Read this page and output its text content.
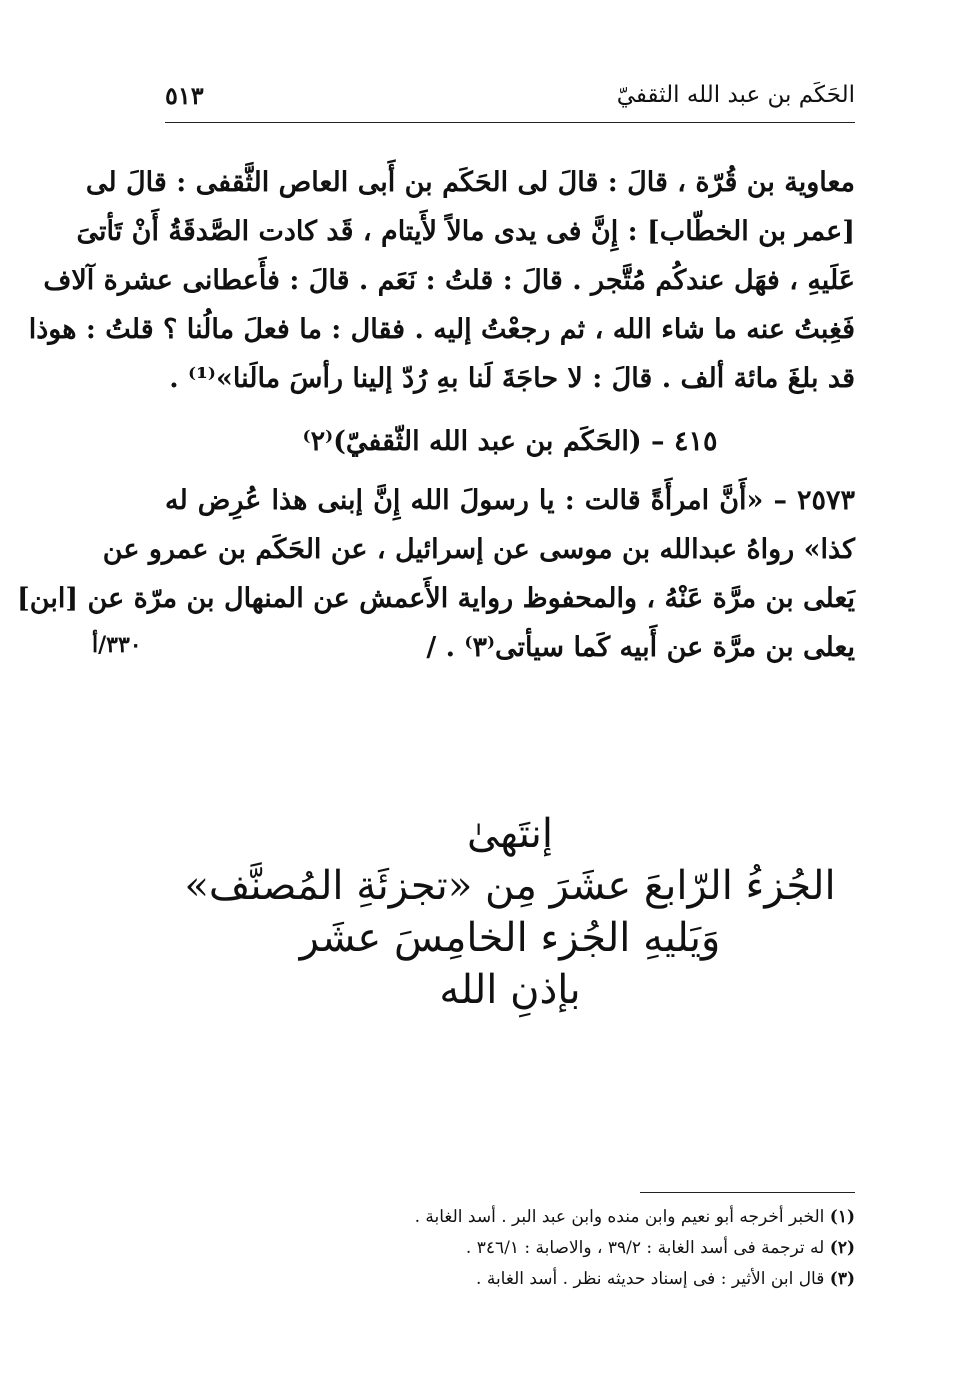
الحَكَم بن عبد الله الثقفيّ
٥١٣
معاوية بن قُرّة ، قالَ : قالَ لى الحَكَم بن أَبى العاص الثَّقفى : قالَ لى
[عمر بن الخطّاب] : إِنَّ فى يدى مالاً لأَيتام ، قَد كادت الصَّدقَةُ أَنْ تَأتىَ
عَلَيهِ ، فهَل عندكُم مُتَّجر . قالَ : قلتُ : نَعَم . قالَ : فأَعطانى عشرة آلاف
فَغِبتُ عنه ما شاء الله ، ثم رجعْتُ إليه . فقال : ما فعلَ مالُنا ؟ قلتُ : هوذا
قد بلغَ مائة ألف . قالَ : لا حاجَةَ لَنا بهِ رُدّ إلينا رأسَ مالَنا»⁽¹⁾ .
٤١٥ – (الحَكَم بن عبد الله الثّقفيّ)⁽٢⁾
٢٥٧٣ – «أَنَّ امرأَةً قالت : يا رسولَ الله إِنَّ إبنى هذا عُرِض له
كذا» رواهُ عبدالله بن موسى عن إسرائيل ، عن الحَكَم بن عمرو عن
يَعلى بن مرَّة عَنْهُ ، والمحفوظ رواية الأَعمش عن المنهال بن مرّة عن [ابن]
يعلى بن مرَّة عن أَبيه كَما سيأتى⁽٣⁾ . /
٣٣٠/أ
إنتَهىٰ
الجُزءُ الرّابعَ عشَرَ مِن «تجزئَةِ المُصنَّف»
وَيَليهِ الجُزء الخامِسَ عشَر
بإذنِ الله
(١) الخبر أخرجه أبو نعيم وابن منده وابن عبد البر . أسد الغابة .
(٢) له ترجمة فى أسد الغابة : ٣٩/٢ ، والاصابة : ٣٤٦/١ .
(٣) قال ابن الأثير : فى إسناد حديثه نظر . أسد الغابة .
